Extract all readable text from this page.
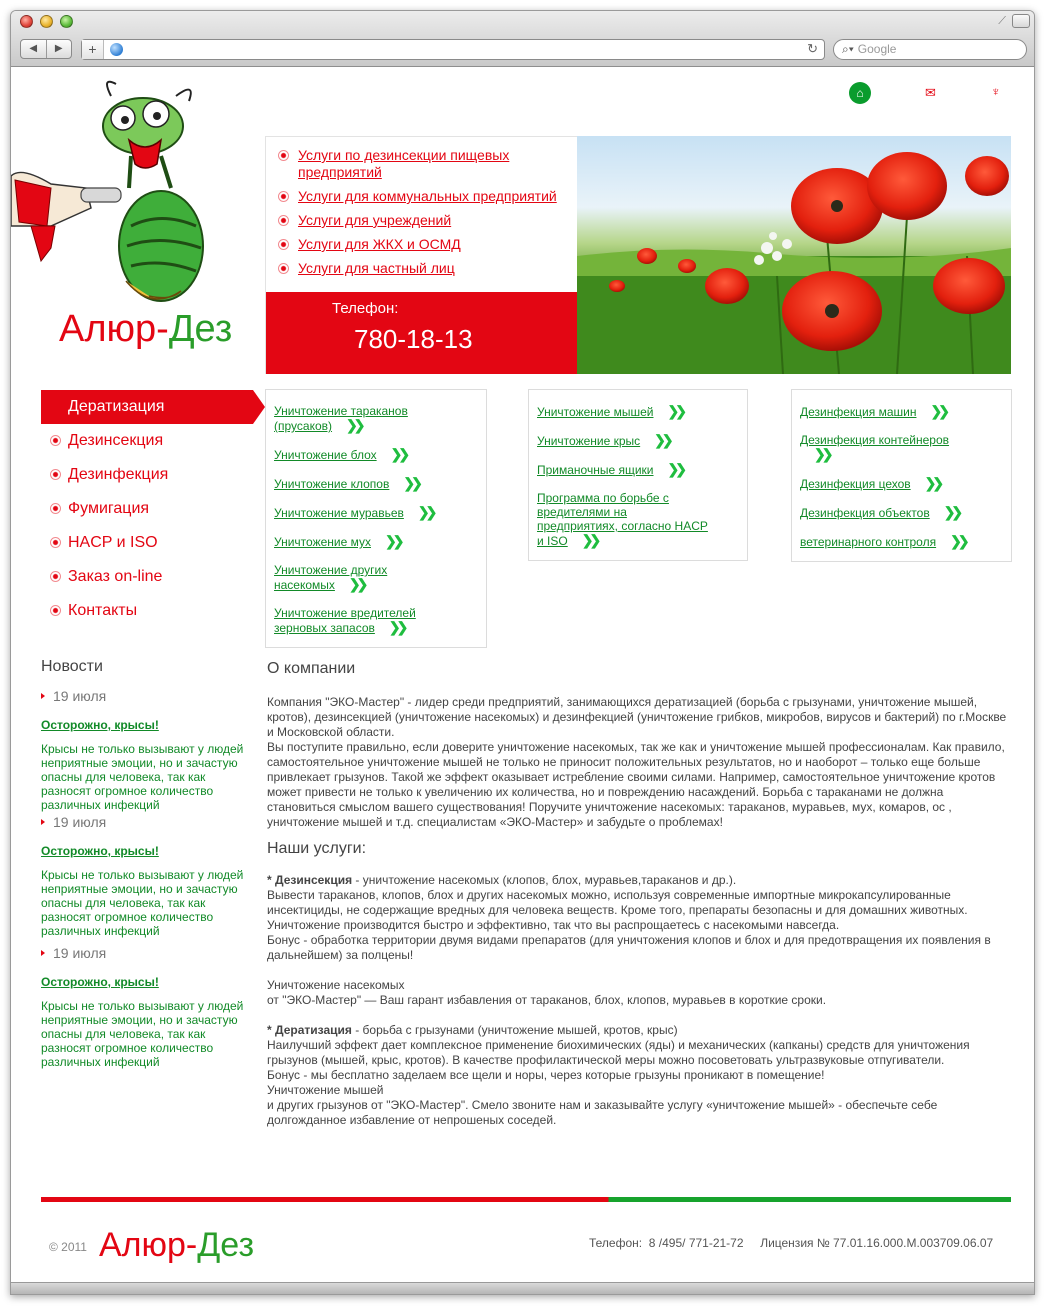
⟋
◀	▶	+	↻	⌕▾ Google
⌂	✉	♆
Алюр-Дез
Услуги по дезинсекции пищевых предприятий
Услуги для коммунальных предприятий
Услуги для учреждений
Услуги для ЖКХ и ОСМД
Услуги для частный лиц
Телефон:
780-18-13
Дератизация
Дезинсекция
Дезинфекция
Фумигация
HACP и ISO
Заказ on-line
Контакты
Уничтожение тараканов (прусаков) ❯❯
Уничтожение блох ❯❯
Уничтожение клопов ❯❯
Уничтожение муравьев ❯❯
Уничтожение мух ❯❯
Уничтожение других насекомых ❯❯
Уничтожение вредителей зерновых запасов ❯❯
Уничтожение мышей ❯❯
Уничтожение крыс ❯❯
Приманочные ящики ❯❯
Программа по борьбе с вредителями на предприятиях, согласно HACP и ISO ❯❯
Дезинфекция машин ❯❯
Дезинфекция контейнеров❯❯
Дезинфекция цехов ❯❯
Дезинфекция объектов ❯❯
ветеринарного контроля ❯❯
Новости
19 июля
Осторожно, крысы!
Крысы не только вызывают у людей неприятные эмоции, но и зачастую опасны для человека, так как разносят огромное количество различных инфекций
19 июля
Осторожно, крысы!
Крысы не только вызывают у людей неприятные эмоции, но и зачастую опасны для человека, так как разносят огромное количество различных инфекций
19 июля
Осторожно, крысы!
Крысы не только вызывают у людей неприятные эмоции, но и зачастую опасны для человека, так как разносят огромное количество различных инфекций
О компании
Компания "ЭКО-Мастер" - лидер среди предприятий, занимающихся дератизацией (борьба с грызунами, уничтожение мышей, кротов), дезинсекцией (уничтожение насекомых) и дезинфекцией (уничтожение грибков, микробов, вирусов и бактерий) по г.Москве и Московской области.
Вы поступите правильно, если доверите уничтожение насекомых, так же как и уничтожение мышей профессионалам. Как правило, самостоятельное уничтожение мышей не только не приносит положительных результатов, но и наоборот – только еще больше привлекает грызунов. Такой же эффект оказывает истребление своими силами. Например, самостоятельное уничтожение кротов может привести не только к увеличению их количества, но и повреждению насаждений. Борьба с тараканами не должна становиться смыслом вашего существования! Поручите уничтожение насекомых: тараканов, муравьев, мух, комаров, ос , уничтожение мышей и т.д. специалистам «ЭКО-Мастер» и забудьте о проблемах!
Наши услуги:
* Дезинсекция - уничтожение насекомых (клопов, блох, муравьев,тараканов и др.).
Вывести тараканов, клопов, блох и других насекомых можно, используя современные импортные микрокапсулированные инсектициды, не содержащие вредных для человека веществ. Кроме того, препараты безопасны и для домашних животных. Уничтожение производится быстро и эффективно, так что вы распрощаетесь с насекомыми навсегда.
Бонус - обработка территории двумя видами препаратов (для уничтожения клопов и блох и для предотвращения их появления в дальнейшем) за полцены!
Уничтожение насекомых
от "ЭКО-Мастер" — Ваш гарант избавления от тараканов, блох, клопов, муравьев в короткие сроки.
* Дератизация - борьба с грызунами (уничтожение мышей, кротов, крыс)
Наилучший эффект дает комплексное применение биохимических (яды) и механических (капканы) средств для уничтожения грызунов (мышей, крыс, кротов). В качестве профилактической меры можно посоветовать ультразвуковые отпугиватели.
Бонус - мы бесплатно заделаем все щели и норы, через которые грызуны проникают в помещение!
Уничтожение мышей
и других грызунов от "ЭКО-Мастер". Смело звоните нам и заказывайте услугу «уничтожение мышей» - обеспечьте себе долгожданное избавление от непрошеных соседей.
© 2011 Алюр-Дез	Телефон:  8 /495/ 771-21-72     Лицензия № 77.01.16.000.М.003709.06.07
